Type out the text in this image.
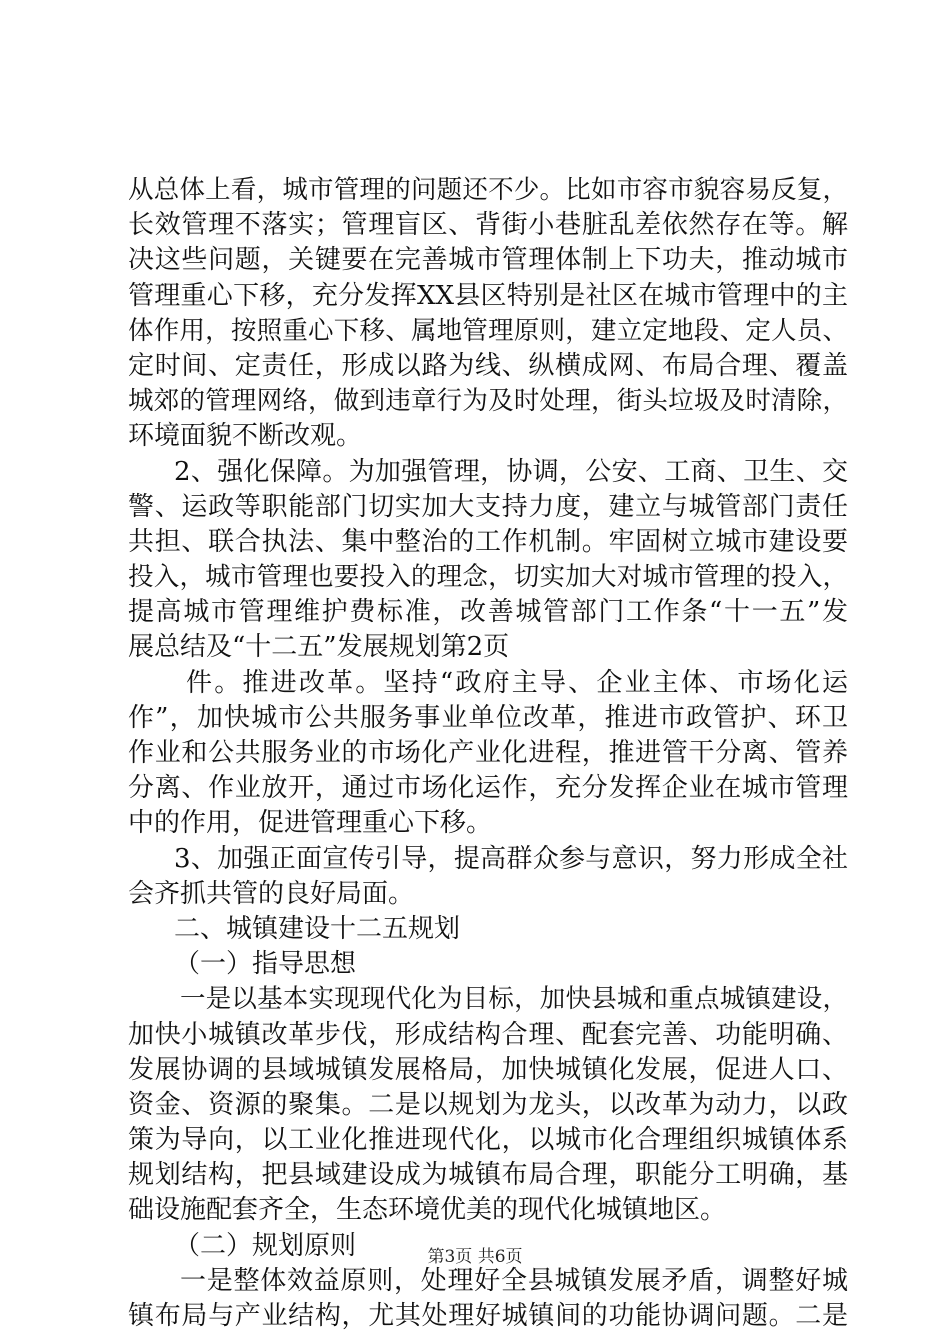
从总体上看，城市管理的问题还不少。比如市容市貌容易反复，
长效管理不落实；管理盲区、背街小巷脏乱差依然存在等。解
决这些问题，关键要在完善城市管理体制上下功夫，推动城市
管理重心下移，充分发挥XX县区特别是社区在城市管理中的主
体作用，按照重心下移、属地管理原则，建立定地段、定人员、
定时间、定责任，形成以路为线、纵横成网、布局合理、覆盖
城郊的管理网络，做到违章行为及时处理，街头垃圾及时清除，
环境面貌不断改观。
2、强化保障。为加强管理，协调，公安、工商、卫生、交
警、运政等职能部门切实加大支持力度，建立与城管部门责任
共担、联合执法、集中整治的工作机制。牢固树立城市建设要
投入，城市管理也要投入的理念，切实加大对城市管理的投入，
提高城市管理维护费标准，改善城管部门工作条“十一五”发
展总结及“十二五”发展规划第2页
件。推进改革。坚持“政府主导、企业主体、市场化运
作”，加快城市公共服务事业单位改革，推进市政管护、环卫
作业和公共服务业的市场化产业化进程，推进管干分离、管养
分离、作业放开，通过市场化运作，充分发挥企业在城市管理
中的作用，促进管理重心下移。
3、加强正面宣传引导，提高群众参与意识，努力形成全社
会齐抓共管的良好局面。
二、城镇建设十二五规划
（一）指导思想
一是以基本实现现代化为目标，加快县城和重点城镇建设，
加快小城镇改革步伐，形成结构合理、配套完善、功能明确、
发展协调的县域城镇发展格局，加快城镇化发展，促进人口、
资金、资源的聚集。二是以规划为龙头，以改革为动力，以政
策为导向，以工业化推进现代化，以城市化合理组织城镇体系
规划结构，把县域建设成为城镇布局合理，职能分工明确，基
础设施配套齐全，生态环境优美的现代化城镇地区。
（二）规划原则
一是整体效益原则，处理好全县城镇发展矛盾，调整好城
镇布局与产业结构，尤其处理好城镇间的功能协调问题。二是
第3页 共6页
